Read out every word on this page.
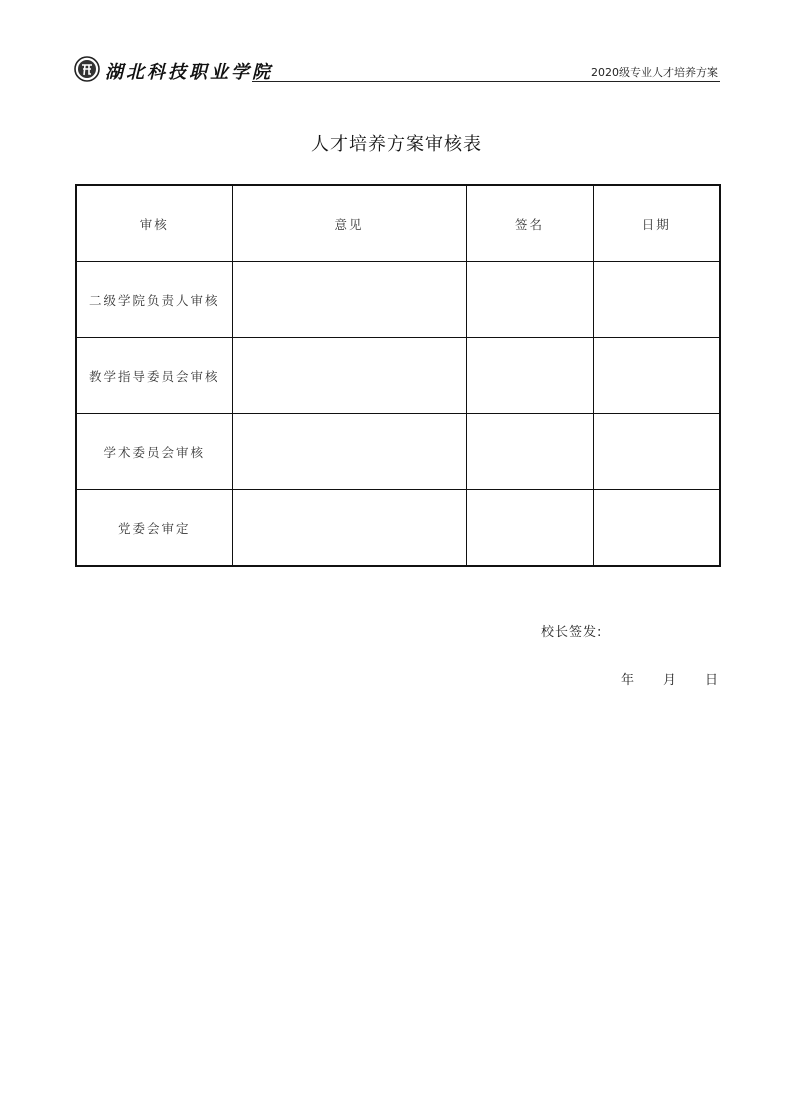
湖北科技职业学院	2020级专业人才培养方案
人才培养方案审核表
审核	意见	签名	日期
二级学院负责人审核			
教学指导委员会审核			
学术委员会审核			
党委会审定			
校长签发:
年 月 日
